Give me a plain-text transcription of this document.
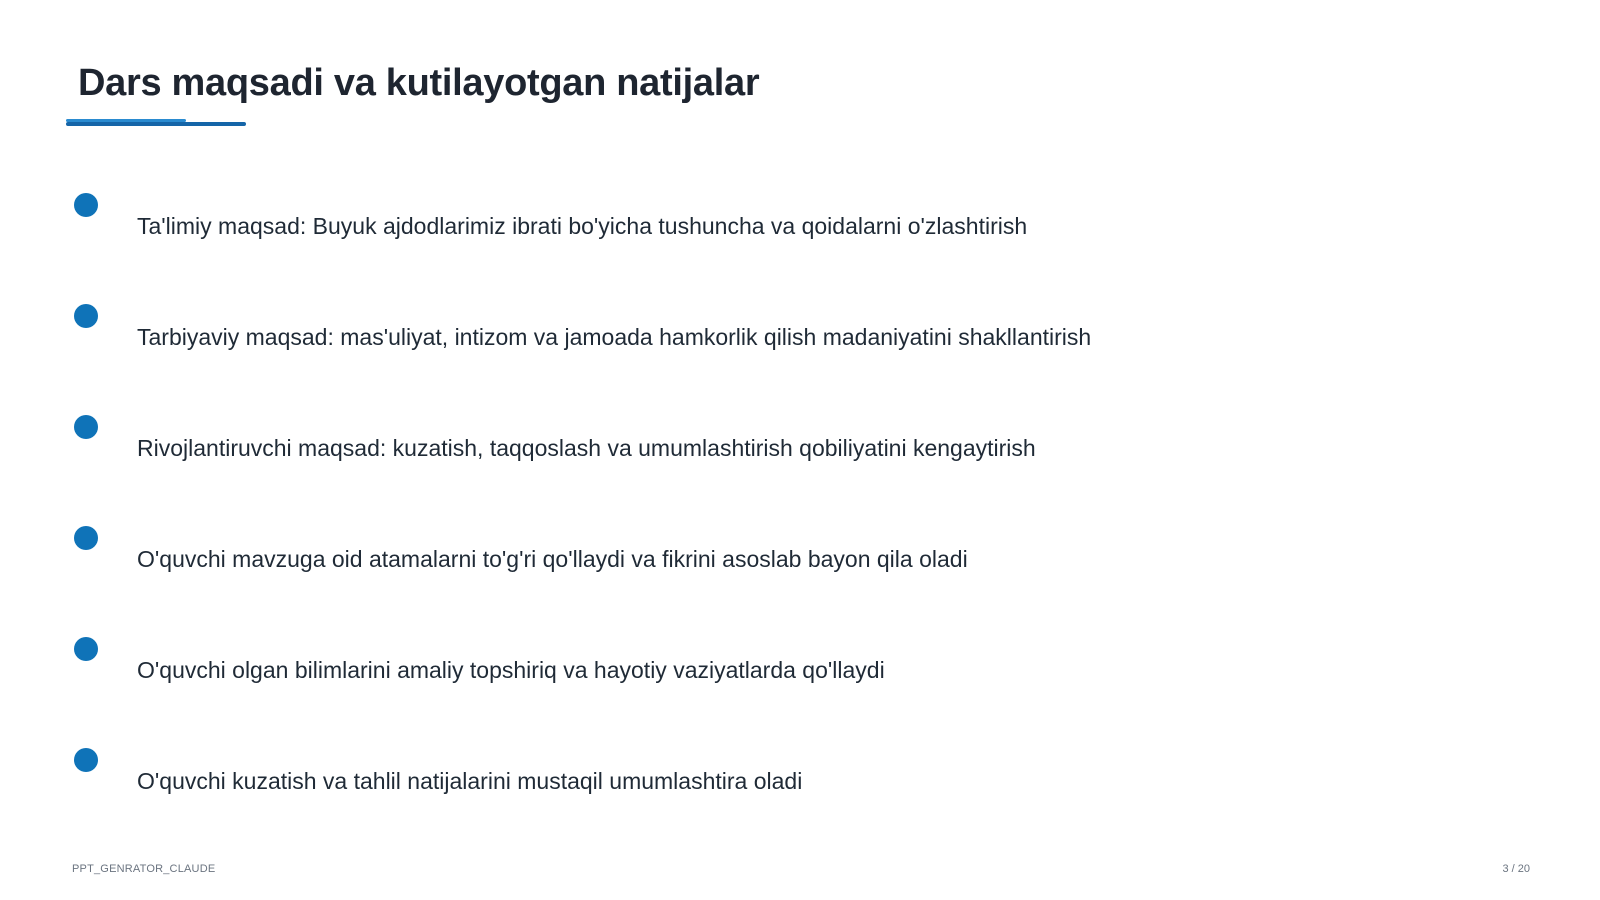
Dars maqsadi va kutilayotgan natijalar
Ta'limiy maqsad: Buyuk ajdodlarimiz ibrati bo'yicha tushuncha va qoidalarni o'zlashtirish
Tarbiyaviy maqsad: mas'uliyat, intizom va jamoada hamkorlik qilish madaniyatini shakllantirish
Rivojlantiruvchi maqsad: kuzatish, taqqoslash va umumlashtirish qobiliyatini kengaytirish
O'quvchi mavzuga oid atamalarni to'g'ri qo'llaydi va fikrini asoslab bayon qila oladi
O'quvchi olgan bilimlarini amaliy topshiriq va hayotiy vaziyatlarda qo'llaydi
O'quvchi kuzatish va tahlil natijalarini mustaqil umumlashtira oladi
PPT_GENRATOR_CLAUDE	3 / 20
